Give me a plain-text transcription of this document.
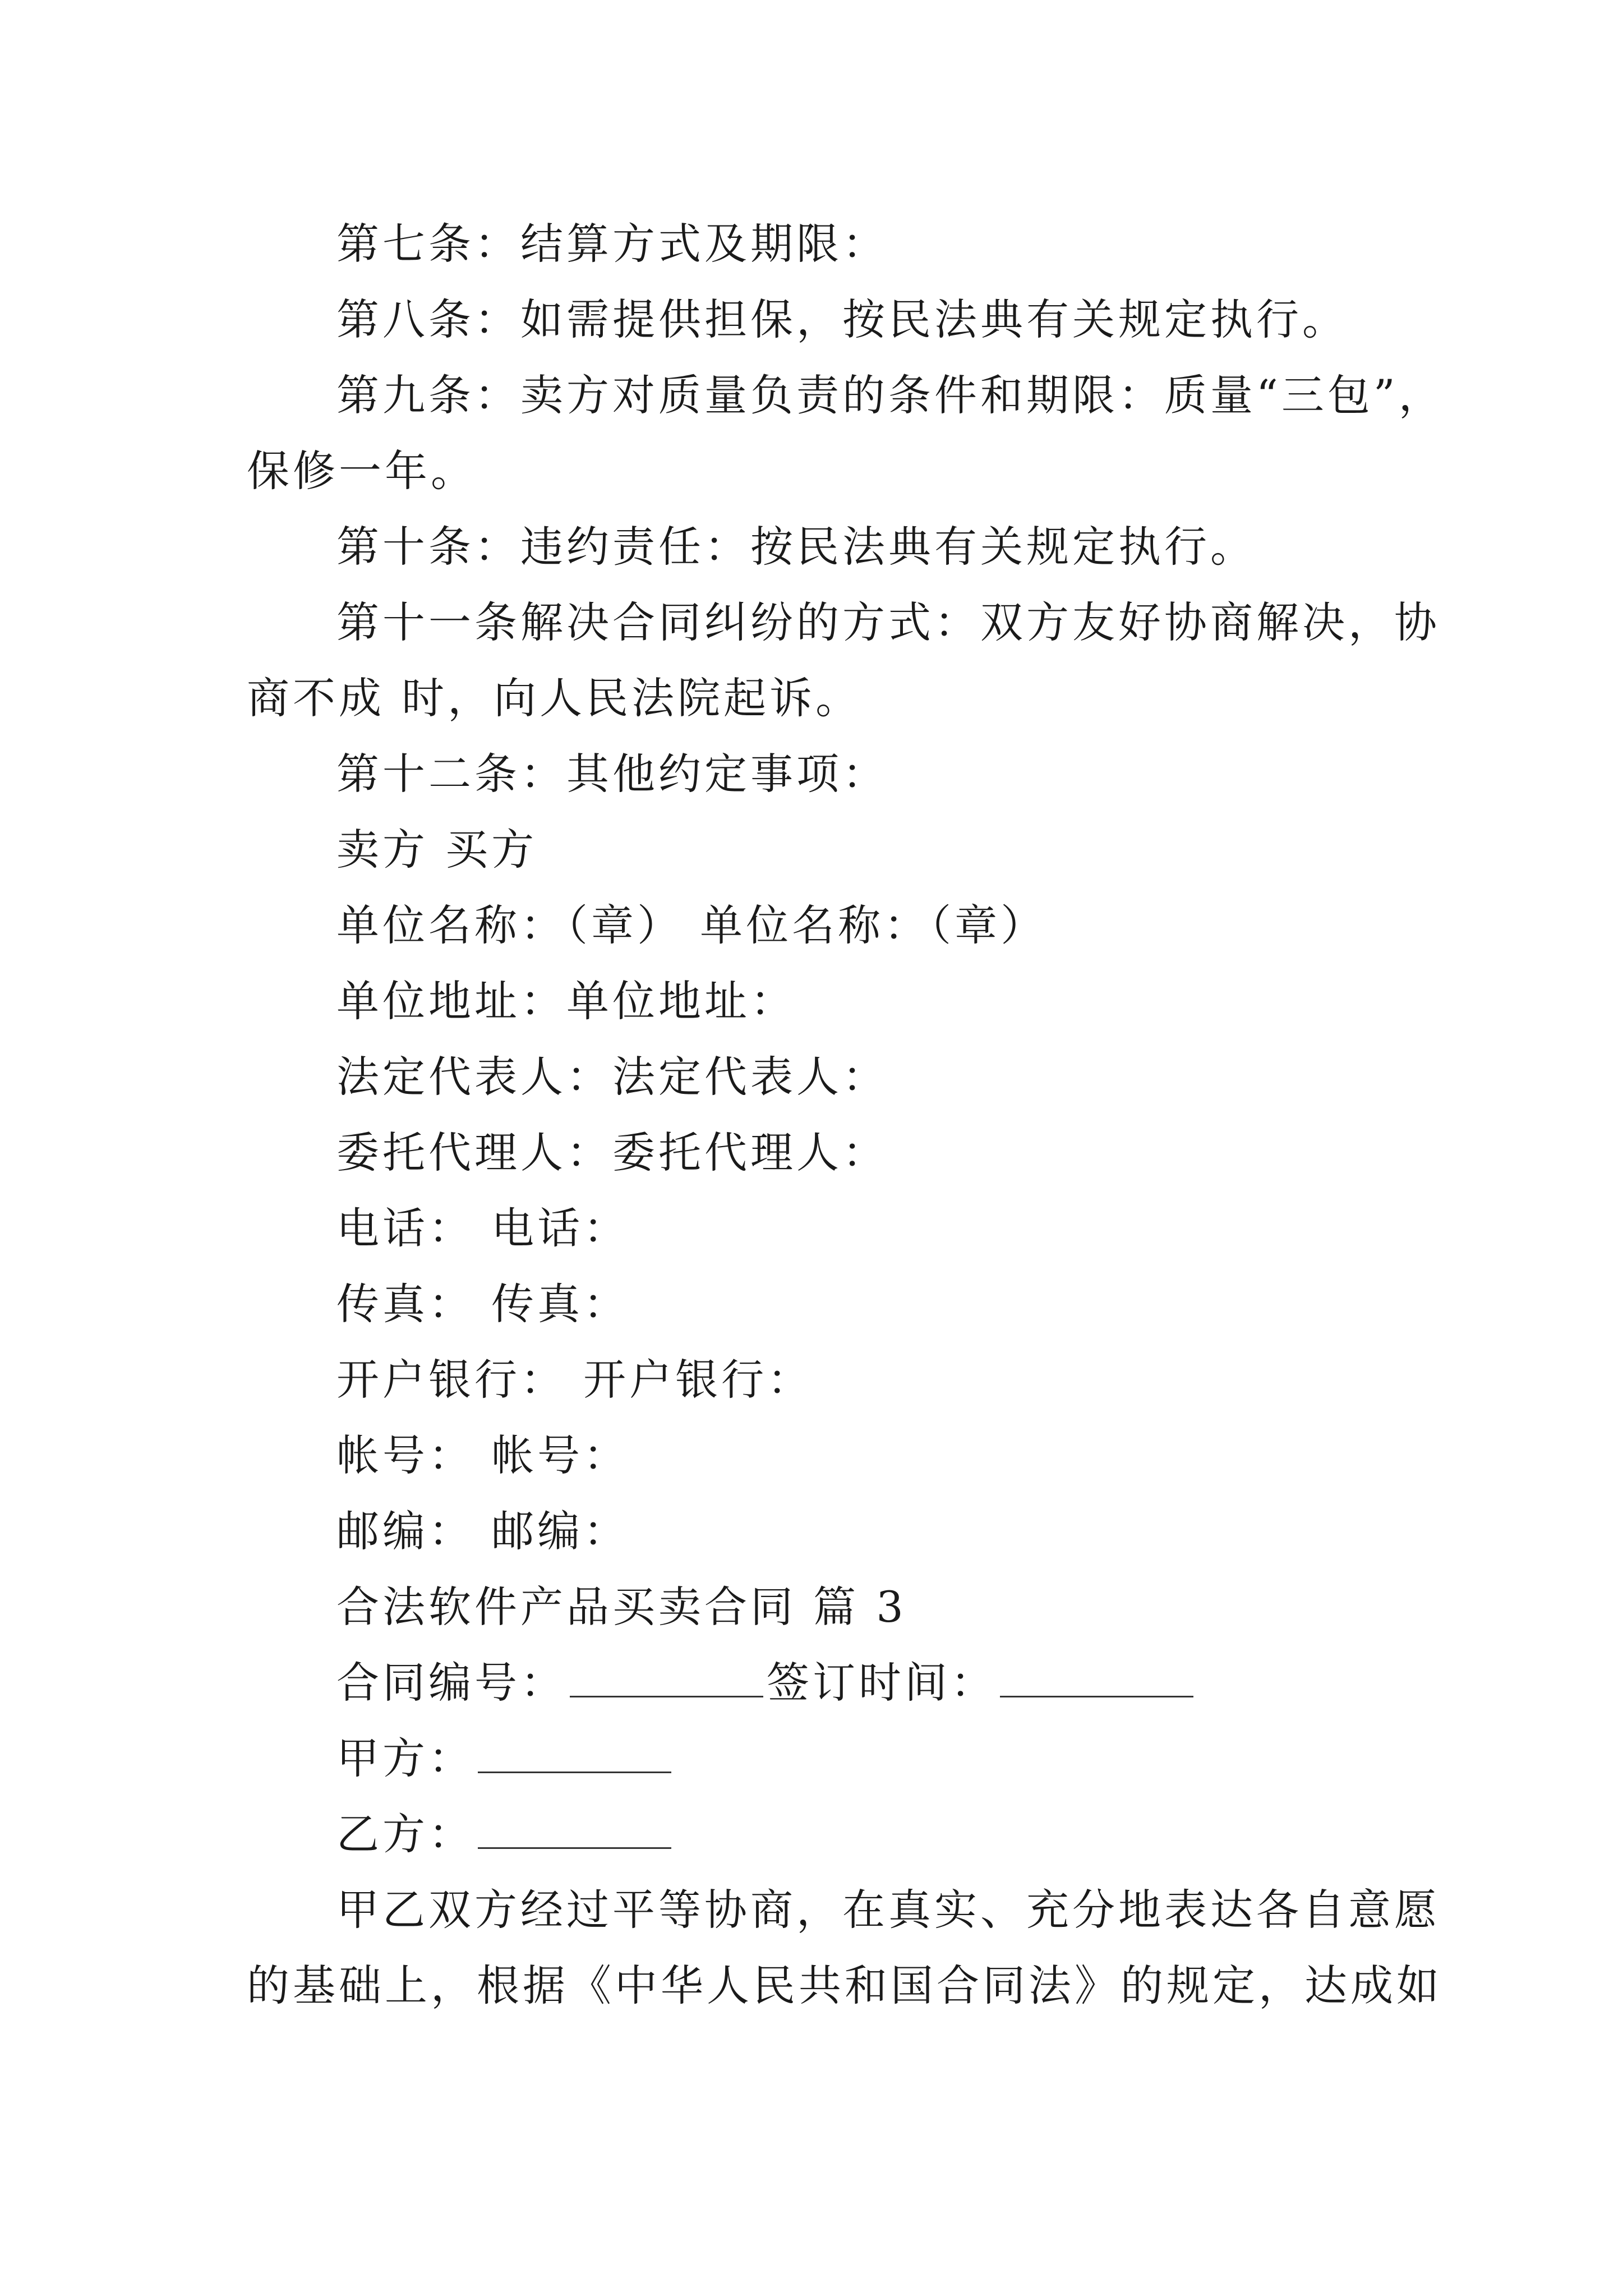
第七条：结算方式及期限：
第八条：如需提供担保，按民法典有关规定执行。
第九条：卖方对质量负责的条件和期限：质量“三包”，
保修一年。
第十条：违约责任：按民法典有关规定执行。
第十一条解决合同纠纷的方式：双方友好协商解决，协
商不成 时，向人民法院起诉。
第十二条：其他约定事项：
卖方 买方
单位名称：（章） 单位名称：（章）
单位地址：单位地址：
法定代表人：法定代表人：
委托代理人：委托代理人：
电话： 电话：
传真： 传真：
开户银行： 开户银行：
帐号： 帐号：
邮编： 邮编：
合法软件产品买卖合同 篇 3
合同编号：	签订时间：
甲方：
乙方：
甲乙双方经过平等协商，在真实、充分地表达各自意愿
的基础上，根据《中华人民共和国合同法》的规定，达成如
